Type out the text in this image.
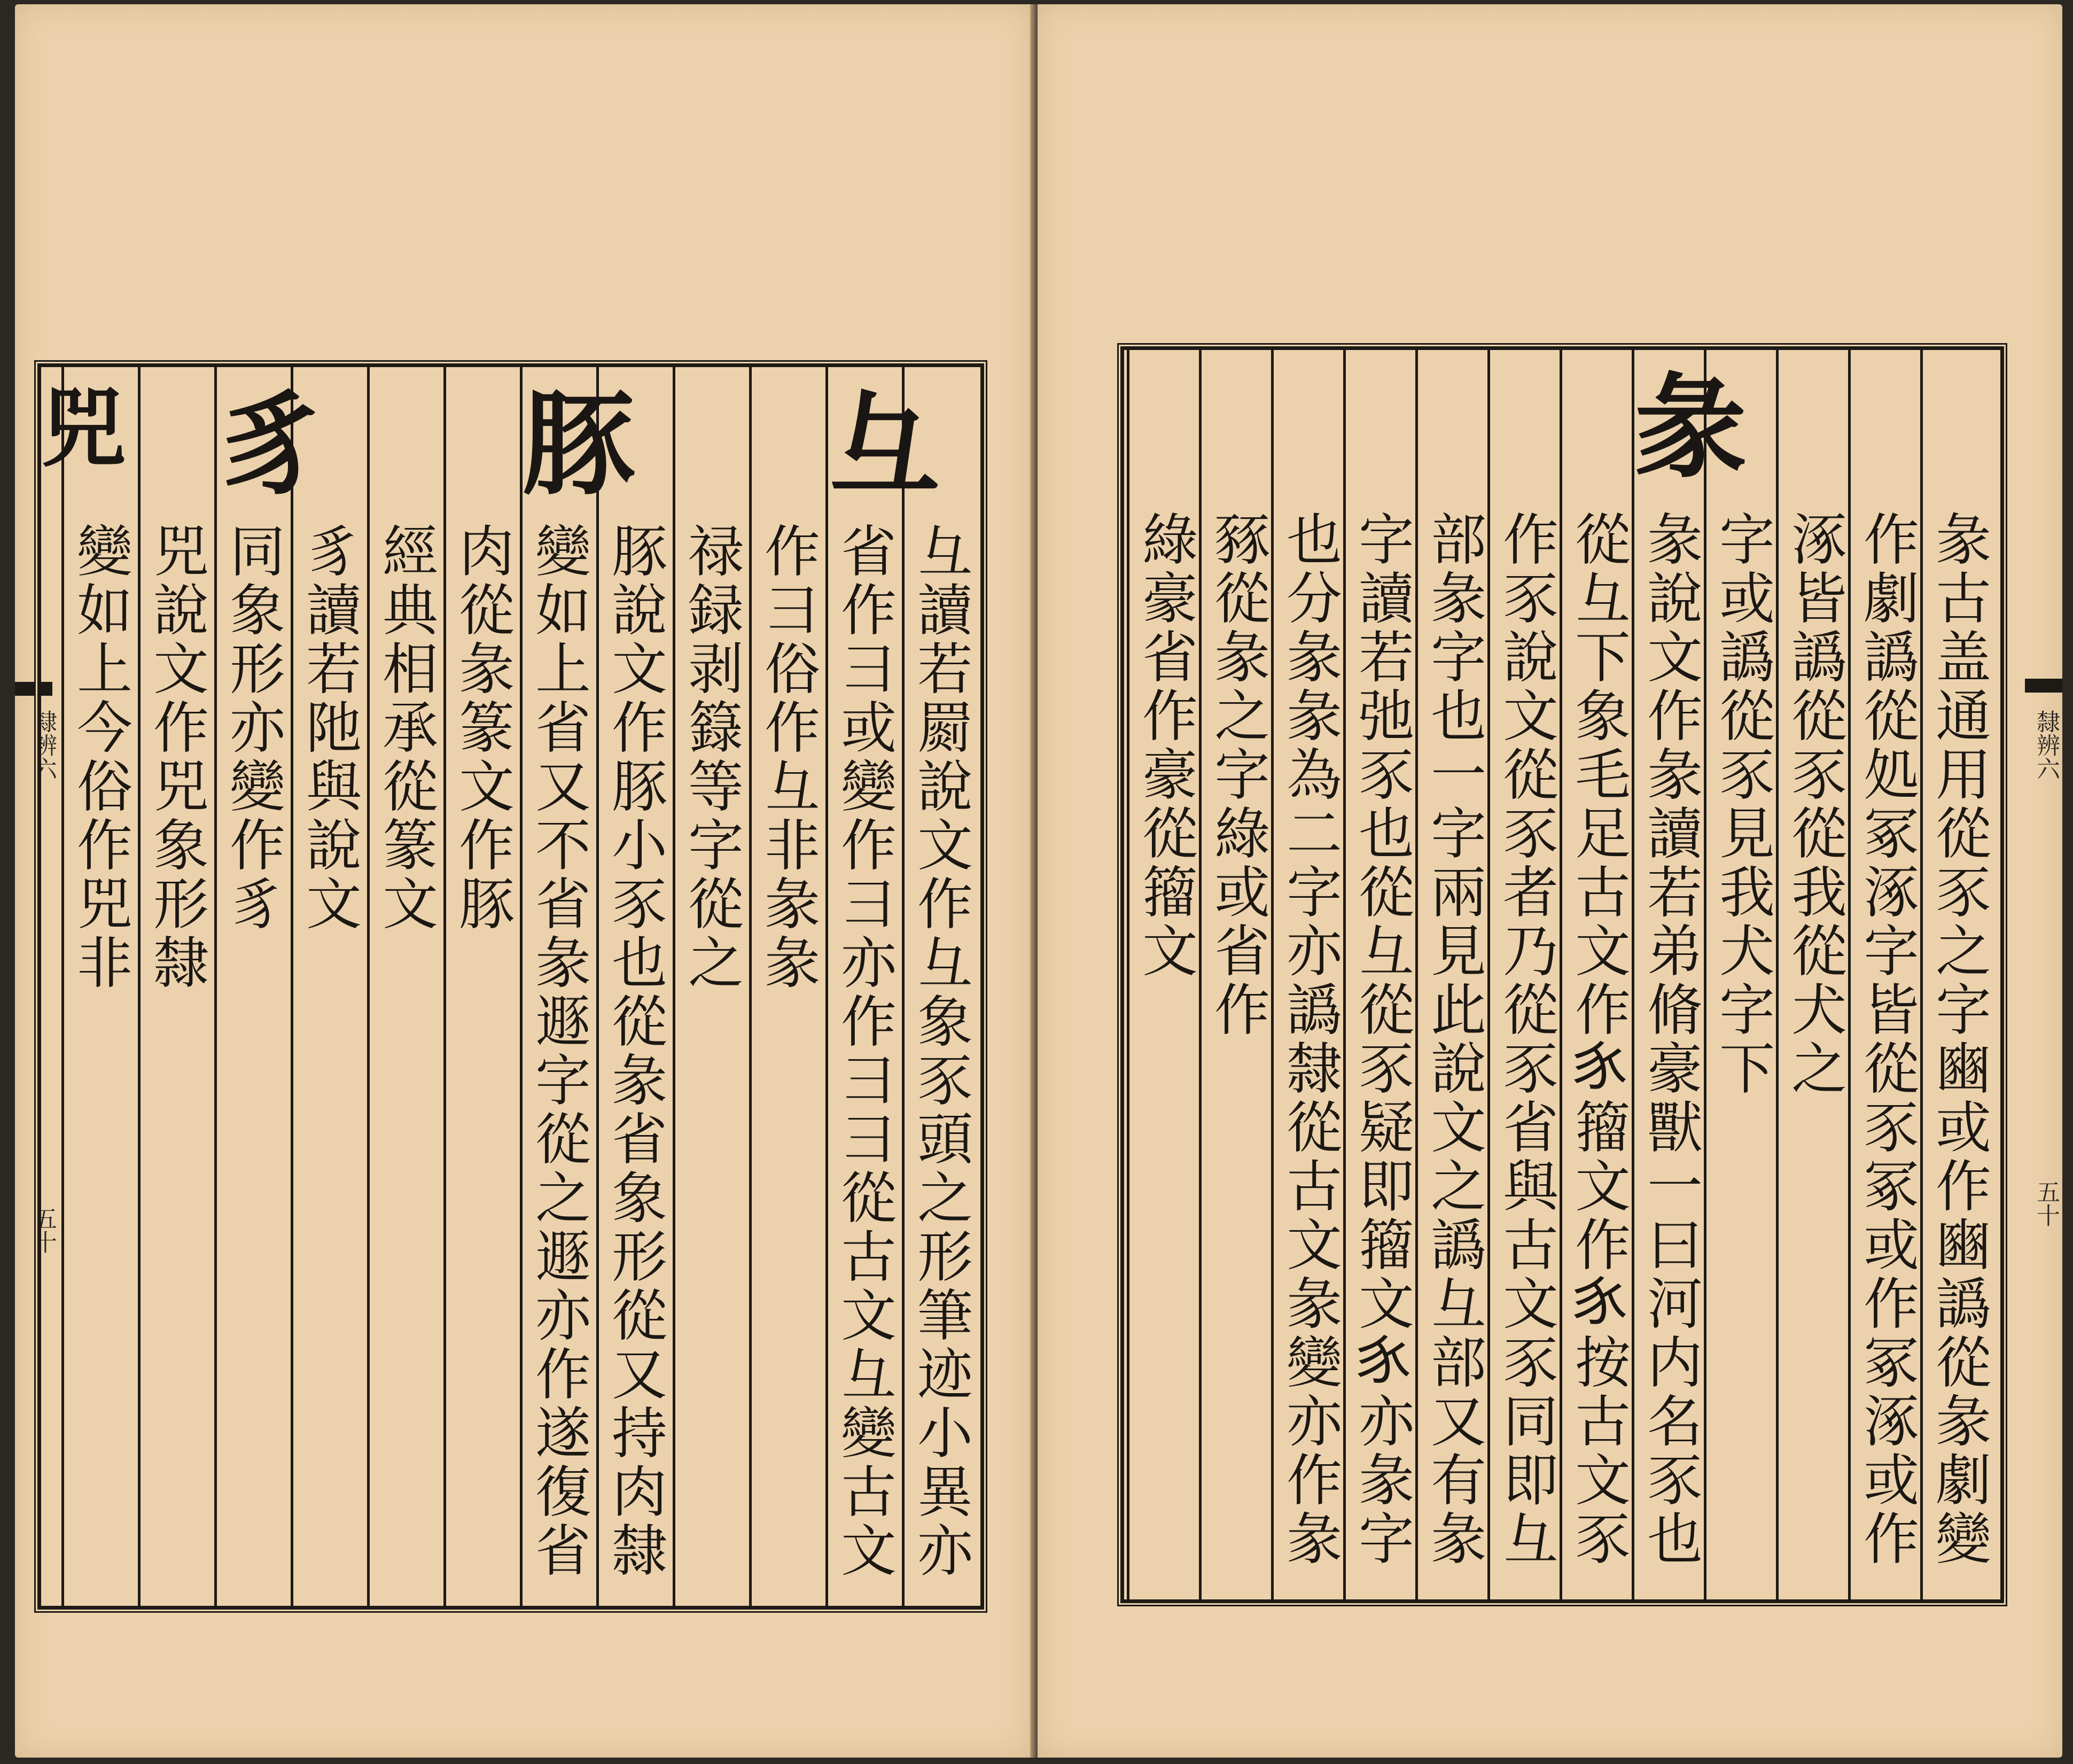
隸辨六
五十	彑讀若罽說文作彑象豕頭之形筆迹小異亦
彑
省作彐或變作彐亦作彐彐從古文彑變古文
作彐俗作彑非彖彖
禄録剥籙等字從之
豚說文作豚小豕也從彖省象形從又持肉隸
豚
變如上省又不省彖遯字從之遯亦作遂復省
肉從彖篆文作豚
經典相承從篆文
豸讀若阤與說文
豸
同象形亦變作豸
兕說文作兕象形隸
兕
變如上今俗作兕非	隸辨六
五十
彖古盖通用從豕之字豳或作豳譌從彖劇變
作劇譌從処冢涿字皆從豕冢或作冢涿或作
涿皆譌從豕從我從犬之
字或譌從豕見我犬字下
彖
彖說文作彖讀若弟脩豪獸一曰河内名豕也
從彑下象毛足古文作𧰨籀文作𧰨按古文豕
作豕說文從豕者乃從豕省與古文豕同即彑
部彖字也一字兩見此說文之譌彑部又有彖
字讀若弛豕也從彑從豕疑即籀文𧰨亦彖字
也分彖彖為二字亦譌隸從古文彖變亦作彖
豩從彖之字綠或省作
綠豪省作豪從籀文
